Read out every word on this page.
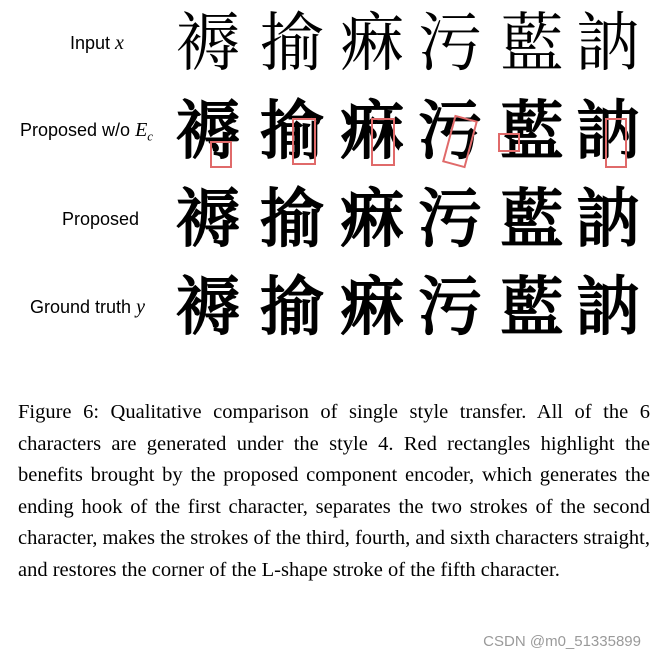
Input x
Proposed w/o $E_c$
Proposed
Ground truth y
褥 揄 痳 污 藍 訥
褥 揄 痳 污 藍 訥
褥 揄 痳 污 藍 訥
褥 揄 痳 污 藍 訥
Figure 6: Qualitative comparison of single style transfer. All of the 6 characters are generated under the style 4. Red rectangles highlight the benefits brought by the proposed component encoder, which generates the ending hook of the first character, separates the two strokes of the second character, makes the strokes of the third, fourth, and sixth characters straight, and restores the corner of the L-shape stroke of the fifth character.
CSDN @m0_51335899
